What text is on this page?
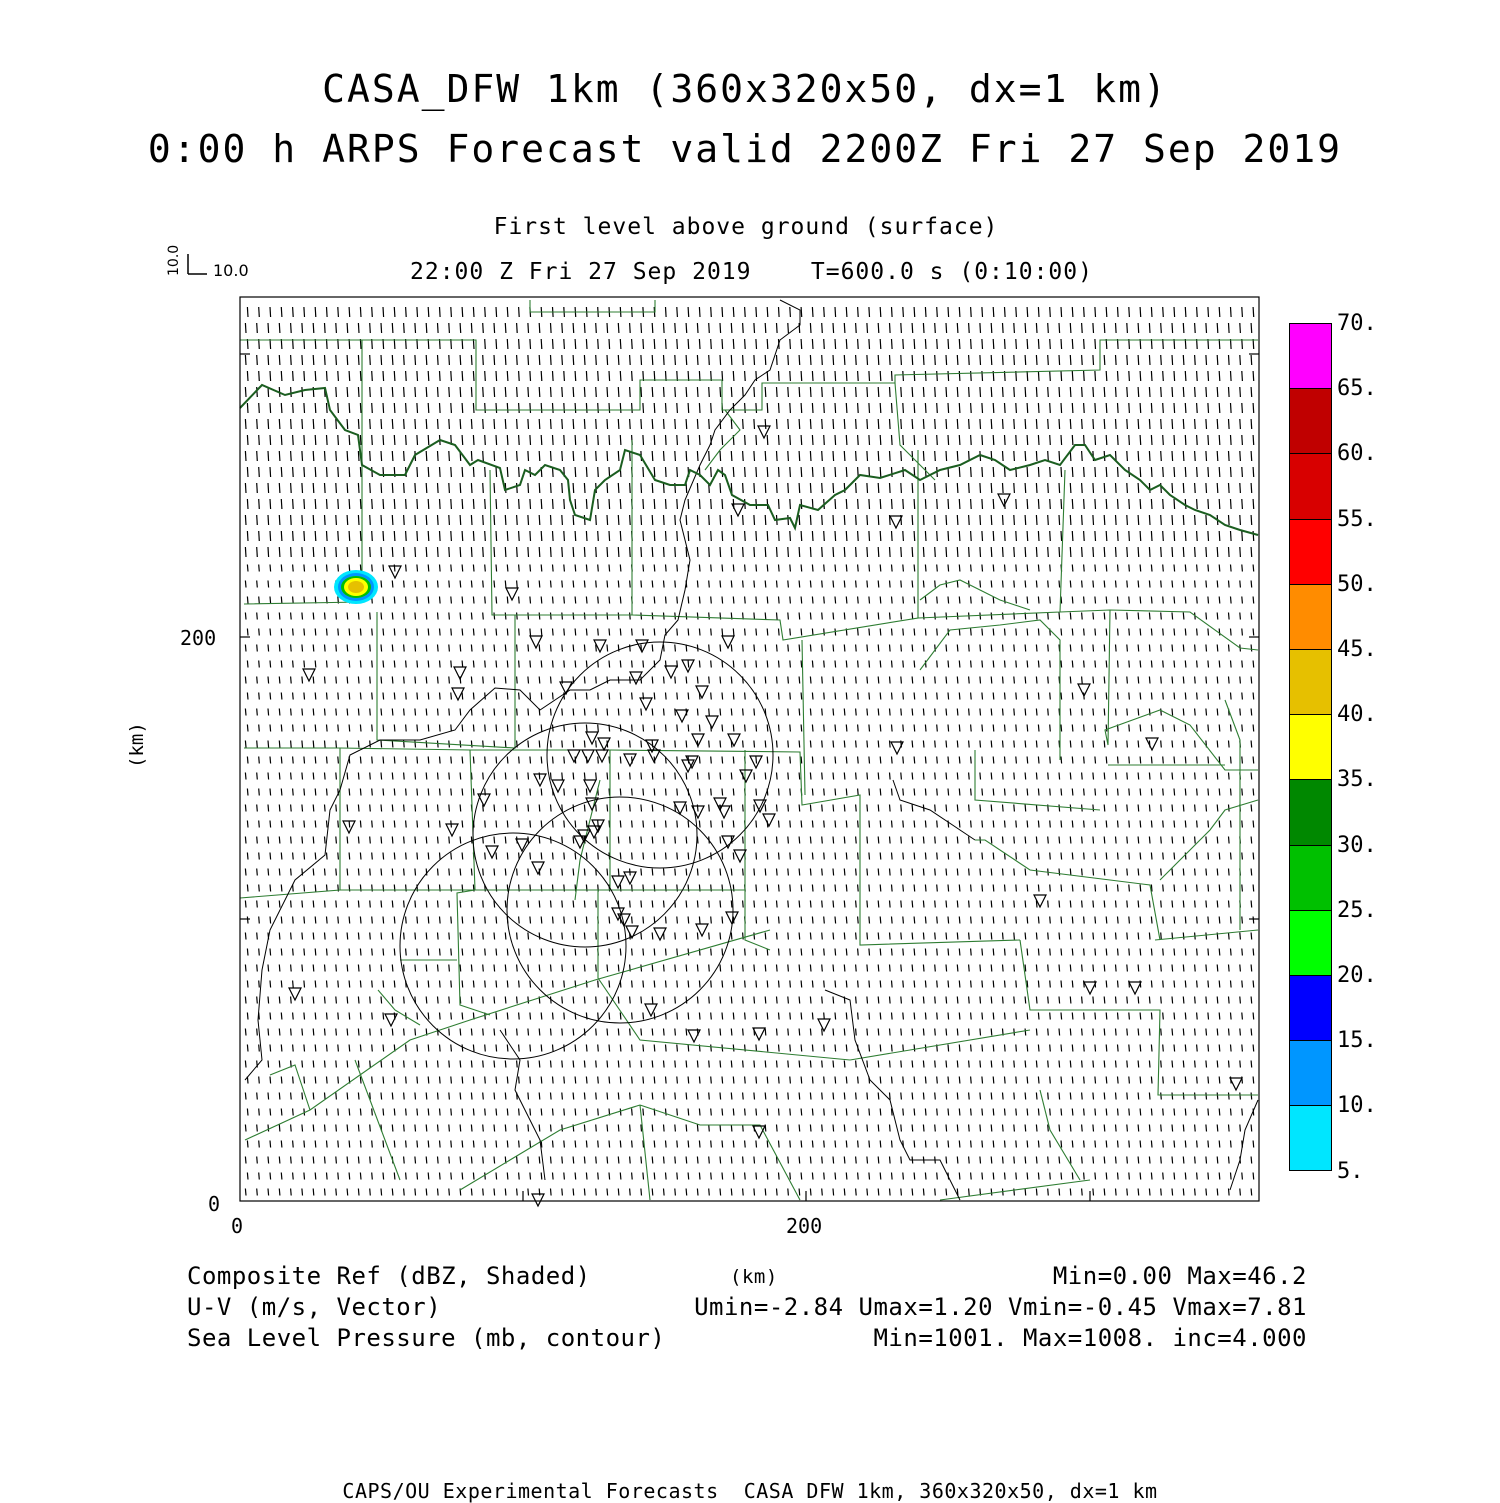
CASA_DFW 1km (360x320x50, dx=1 km)
0:00 h ARPS Forecast valid 2200Z Fri 27 Sep 2019
First level above ground (surface)
22:00 Z Fri 27 Sep 2019    T=600.0 s (0:10:00)
10.0 10.0
0	200
0
200
(km)
70.
65.
60.
55.
50.
45.
40.
35.
30.
25.
20.
15.
10.
5.
Composite Ref (dBZ, Shaded)	(km)	Min=0.00 Max=46.2
U-V (m/s, Vector)	Umin=-2.84 Umax=1.20 Vmin=-0.45 Vmax=7.81
Sea Level Pressure (mb, contour)	Min=1001. Max=1008. inc=4.000
CAPS/OU Experimental Forecasts  CASA DFW 1km, 360x320x50, dx=1 km
